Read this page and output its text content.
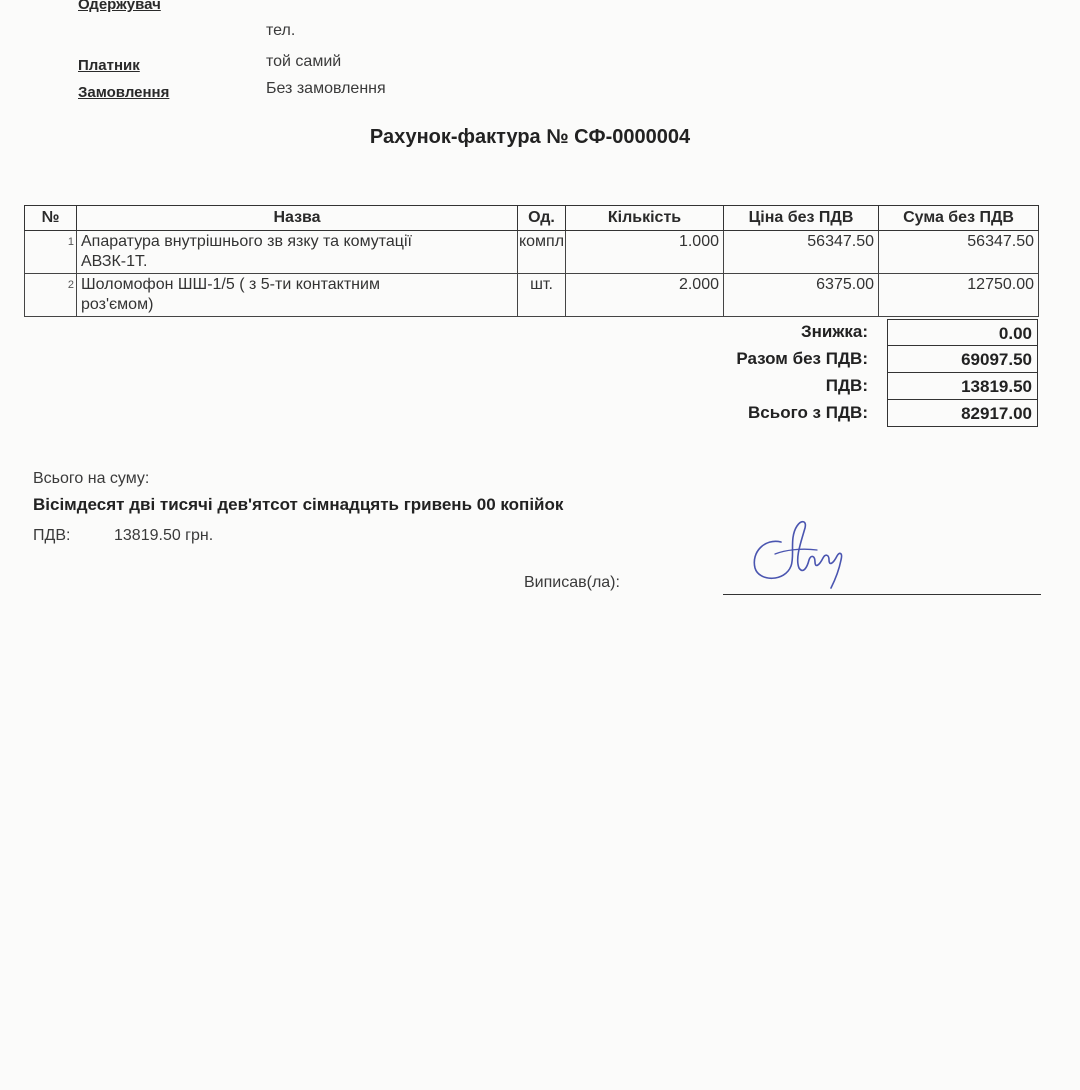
Одержувач
тел.
Платник	той самий
Замовлення	Без замовлення
Рахунок-фактура № СФ-0000004
№	Назва	Од.	Кількість	Ціна без ПДВ	Сума без ПДВ
1	Апаратура внутрішнього зв язку та комутації
АВЗК-1Т.	компл	1.000	56347.50	56347.50
2	Шоломофон ШШ-1/5 ( з 5-ти контактним
роз'ємом)	шт.	2.000	6375.00	12750.00
Знижка:	0.00
Разом без ПДВ:	69097.50
ПДВ:	13819.50
Всього з ПДВ:	82917.00
Всього на суму:
Вісімдесят дві тисячі дев'ятсот сімнадцять гривень 00 копійок
ПДВ:	13819.50 грн.
Виписав(ла):
